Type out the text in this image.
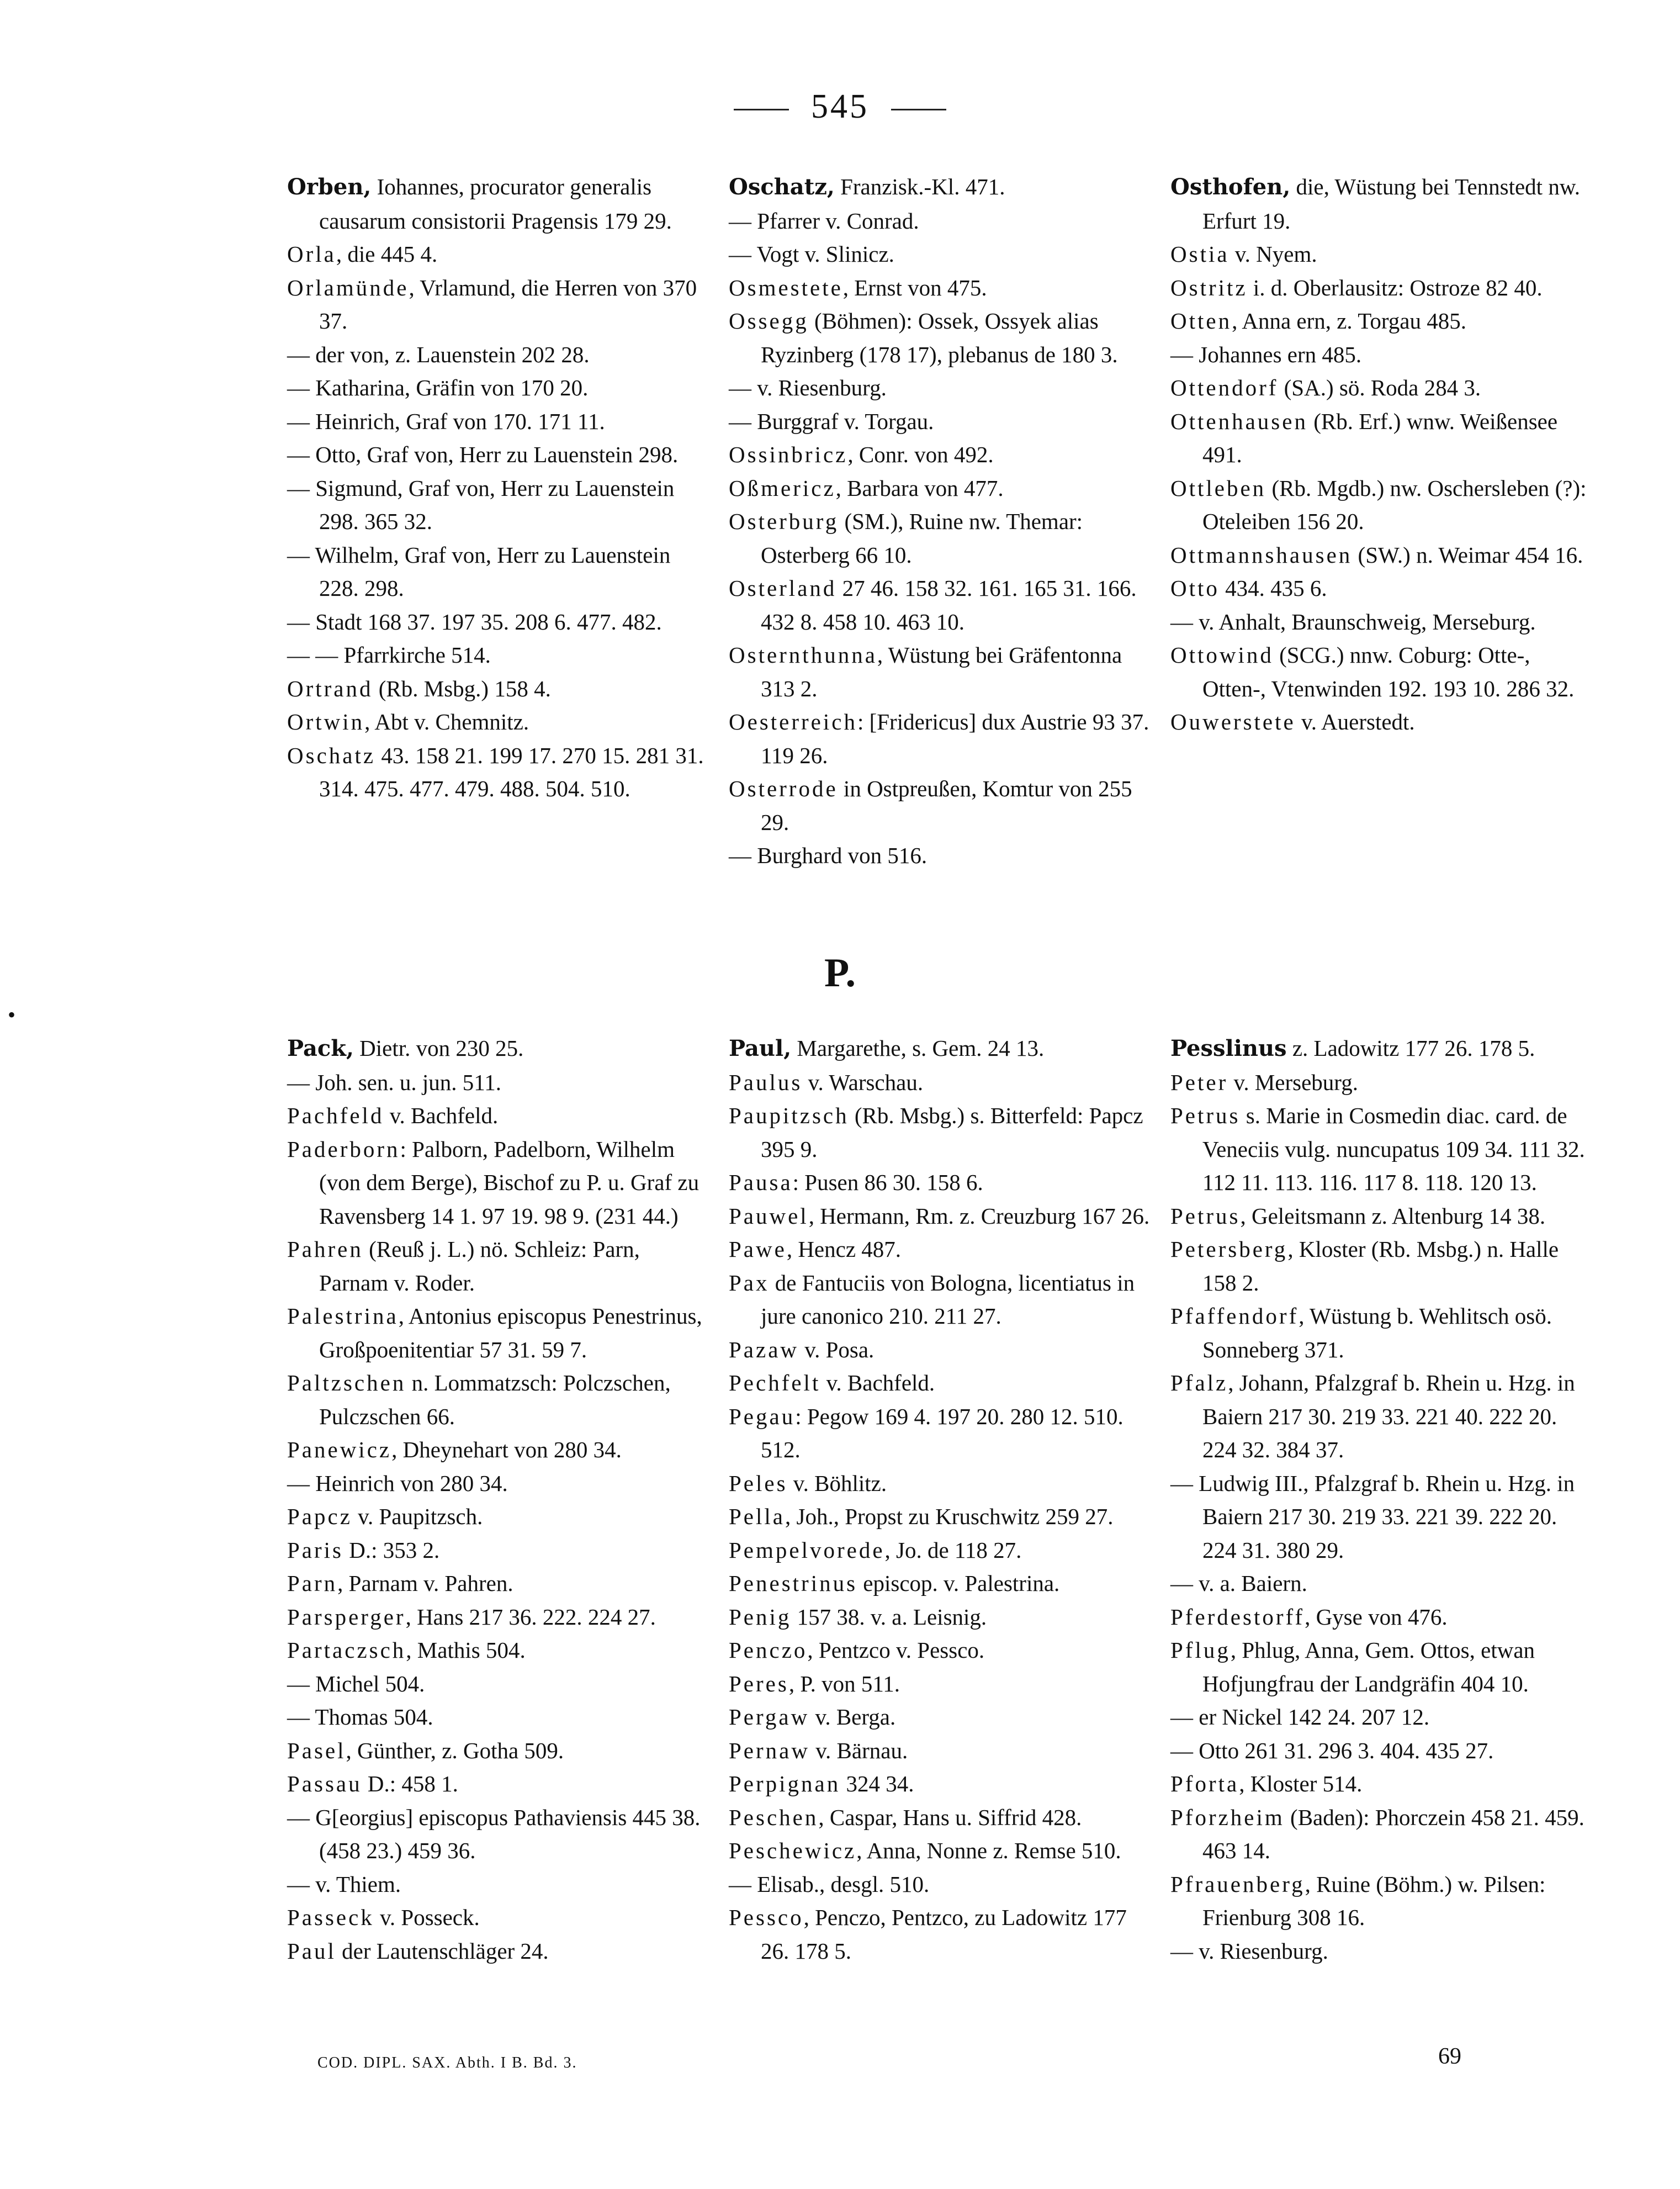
545
•
Orben, Iohannes, procurator generalis causarum consistorii Pragensis 179 29.
Orla, die 445 4.
Orlamünde, Vrlamund, die Herren von 370 37.
— der von, z. Lauenstein 202 28.
— Katharina, Gräfin von 170 20.
— Heinrich, Graf von 170. 171 11.
— Otto, Graf von, Herr zu Lauenstein 298.
— Sigmund, Graf von, Herr zu Lauenstein 298. 365 32.
— Wilhelm, Graf von, Herr zu Lauenstein 228. 298.
— Stadt 168 37. 197 35. 208 6. 477. 482.
— — Pfarrkirche 514.
Ortrand (Rb. Msbg.) 158 4.
Ortwin, Abt v. Chemnitz.
Oschatz 43. 158 21. 199 17. 270 15. 281 31. 314. 475. 477. 479. 488. 504. 510.
Oschatz, Franzisk.-Kl. 471.
— Pfarrer v. Conrad.
— Vogt v. Slinicz.
Osmestete, Ernst von 475.
Ossegg (Böhmen): Ossek, Ossyek alias Ryzinberg (178 17), plebanus de 180 3.
— v. Riesenburg.
— Burggraf v. Torgau.
Ossinbricz, Conr. von 492.
Oßmericz, Barbara von 477.
Osterburg (SM.), Ruine nw. Themar: Osterberg 66 10.
Osterland 27 46. 158 32. 161. 165 31. 166. 432 8. 458 10. 463 10.
Osternthunna, Wüstung bei Gräfentonna 313 2.
Oesterreich: [Fridericus] dux Austrie 93 37. 119 26.
Osterrode in Ostpreußen, Komtur von 255 29.
— Burghard von 516.
Osthofen, die, Wüstung bei Tennstedt nw. Erfurt 19.
Ostia v. Nyem.
Ostritz i. d. Oberlausitz: Ostroze 82 40.
Otten, Anna ern, z. Torgau 485.
— Johannes ern 485.
Ottendorf (SA.) sö. Roda 284 3.
Ottenhausen (Rb. Erf.) wnw. Weißensee 491.
Ottleben (Rb. Mgdb.) nw. Oschersleben (?): Oteleiben 156 20.
Ottmannshausen (SW.) n. Weimar 454 16.
Otto 434. 435 6.
— v. Anhalt, Braunschweig, Merseburg.
Ottowind (SCG.) nnw. Coburg: Otte-, Otten-, Vtenwinden 192. 193 10. 286 32.
Ouwerstete v. Auerstedt.
P.
Pack, Dietr. von 230 25.
— Joh. sen. u. jun. 511.
Pachfeld v. Bachfeld.
Paderborn: Palborn, Padelborn, Wilhelm (von dem Berge), Bischof zu P. u. Graf zu Ravensberg 14 1. 97 19. 98 9. (231 44.)
Pahren (Reuß j. L.) nö. Schleiz: Parn, Parnam v. Roder.
Palestrina, Antonius episcopus Penestrinus, Großpoenitentiar 57 31. 59 7.
Paltzschen n. Lommatzsch: Polczschen, Pulczschen 66.
Panewicz, Dheynehart von 280 34.
— Heinrich von 280 34.
Papcz v. Paupitzsch.
Paris D.: 353 2.
Parn, Parnam v. Pahren.
Parsperger, Hans 217 36. 222. 224 27.
Partaczsch, Mathis 504.
— Michel 504.
— Thomas 504.
Pasel, Günther, z. Gotha 509.
Passau D.: 458 1.
— G[eorgius] episcopus Pathaviensis 445 38. (458 23.) 459 36.
— v. Thiem.
Passeck v. Posseck.
Paul der Lautenschläger 24.
Paul, Margarethe, s. Gem. 24 13.
Paulus v. Warschau.
Paupitzsch (Rb. Msbg.) s. Bitterfeld: Papcz 395 9.
Pausa: Pusen 86 30. 158 6.
Pauwel, Hermann, Rm. z. Creuzburg 167 26.
Pawe, Hencz 487.
Pax de Fantuciis von Bologna, licentiatus in jure canonico 210. 211 27.
Pazaw v. Posa.
Pechfelt v. Bachfeld.
Pegau: Pegow 169 4. 197 20. 280 12. 510. 512.
Peles v. Böhlitz.
Pella, Joh., Propst zu Kruschwitz 259 27.
Pempelvorede, Jo. de 118 27.
Penestrinus episcop. v. Palestrina.
Penig 157 38. v. a. Leisnig.
Penczo, Pentzco v. Pessco.
Peres, P. von 511.
Pergaw v. Berga.
Pernaw v. Bärnau.
Perpignan 324 34.
Peschen, Caspar, Hans u. Siffrid 428.
Peschewicz, Anna, Nonne z. Remse 510.
— Elisab., desgl. 510.
Pessco, Penczo, Pentzco, zu Ladowitz 177 26. 178 5.
Pesslinus z. Ladowitz 177 26. 178 5.
Peter v. Merseburg.
Petrus s. Marie in Cosmedin diac. card. de Veneciis vulg. nuncupatus 109 34. 111 32. 112 11. 113. 116. 117 8. 118. 120 13.
Petrus, Geleitsmann z. Altenburg 14 38.
Petersberg, Kloster (Rb. Msbg.) n. Halle 158 2.
Pfaffendorf, Wüstung b. Wehlitsch osö. Sonneberg 371.
Pfalz, Johann, Pfalzgraf b. Rhein u. Hzg. in Baiern 217 30. 219 33. 221 40. 222 20. 224 32. 384 37.
— Ludwig III., Pfalzgraf b. Rhein u. Hzg. in Baiern 217 30. 219 33. 221 39. 222 20. 224 31. 380 29.
— v. a. Baiern.
Pferdestorff, Gyse von 476.
Pflug, Phlug, Anna, Gem. Ottos, etwan Hofjungfrau der Landgräfin 404 10.
— er Nickel 142 24. 207 12.
— Otto 261 31. 296 3. 404. 435 27.
Pforta, Kloster 514.
Pforzheim (Baden): Phorczein 458 21. 459. 463 14.
Pfrauenberg, Ruine (Böhm.) w. Pilsen: Frienburg 308 16.
— v. Riesenburg.
COD. DIPL. SAX. Abth. I B. Bd. 3.	69
